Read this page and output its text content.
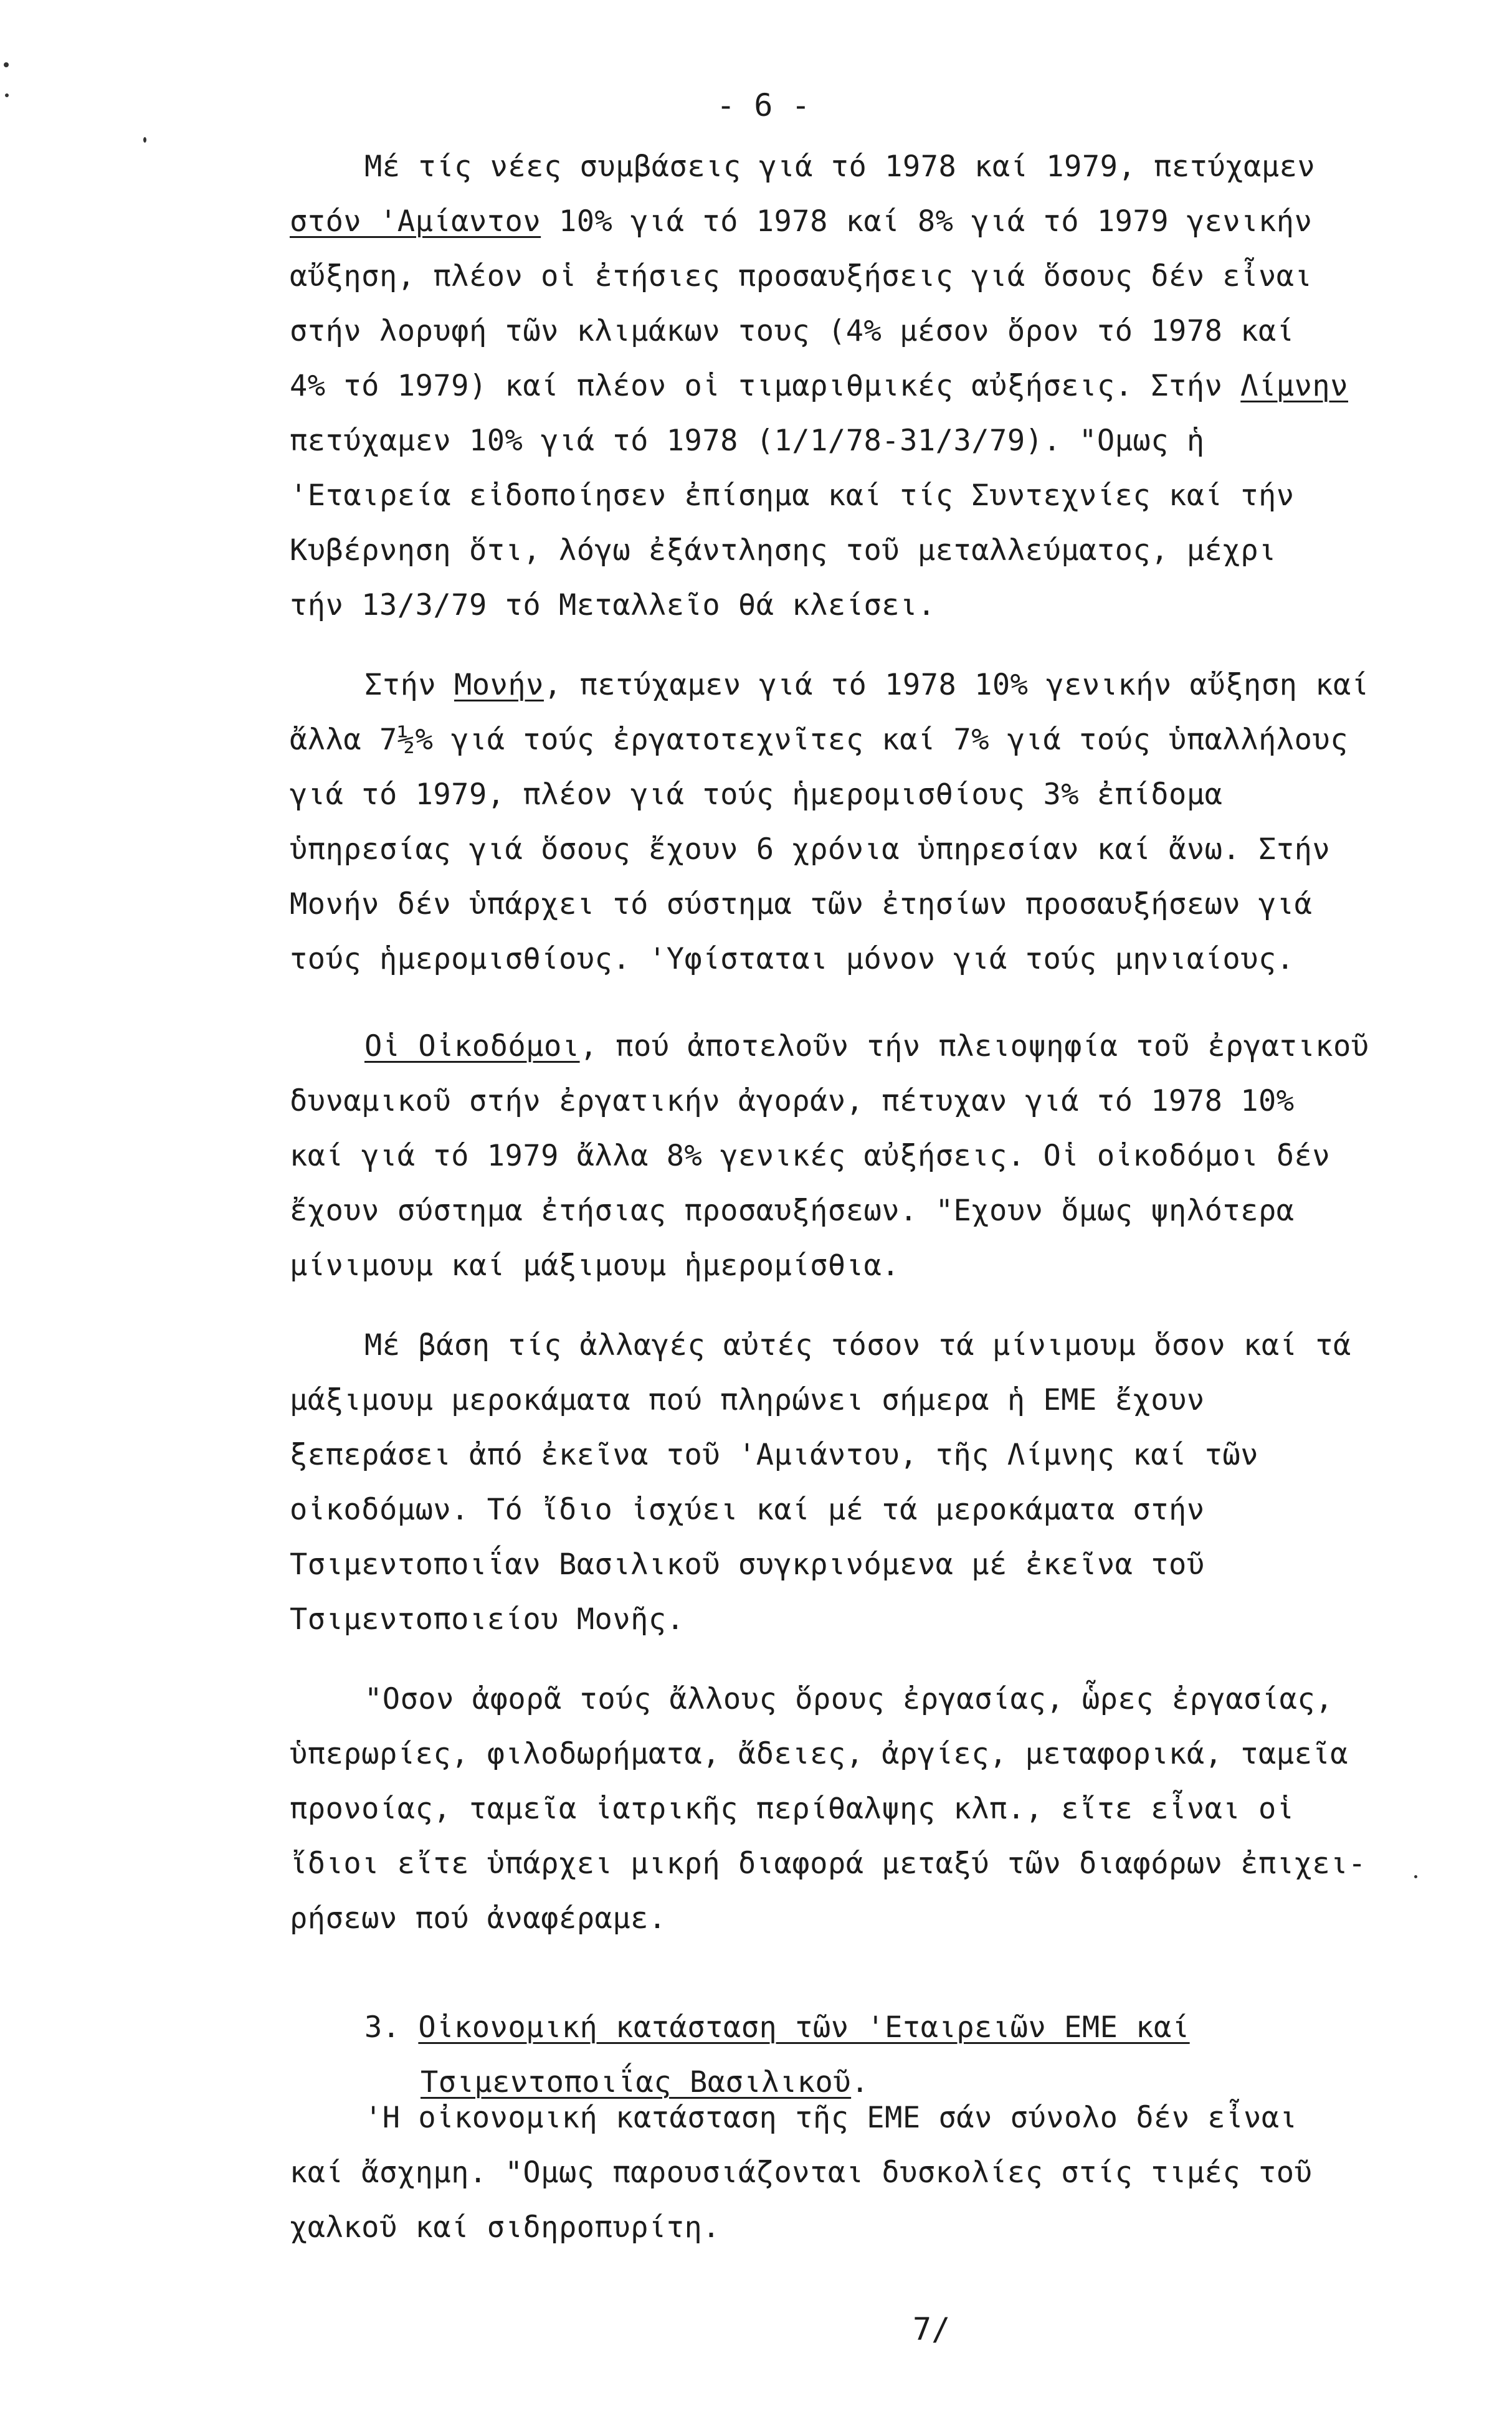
- 6 -
Μέ τίς νέες συμβάσεις γιά τό 1978 καί 1979, πετύχαμεν
στόν 'Αμίαντον 10% γιά τό 1978 καί 8% γιά τό 1979 γενικήν
αὔξηση, πλέον οἱ ἐτήσιες προσαυξήσεις γιά ὅσους δέν εἶναι
στήν λορυφή τῶν κλιμάκων τους (4% μέσον ὅρον τό 1978 καί
4% τό 1979) καί πλέον οἱ τιμαριθμικές αὐξήσεις. Στήν Λίμνην
πετύχαμεν 10% γιά τό 1978 (1/1/78-31/3/79). "Ομως ἡ
'Εταιρεία εἰδοποίησεν ἐπίσημα καί τίς Συντεχνίες καί τήν
Κυβέρνηση ὅτι, λόγω ἐξάντλησης τοῦ μεταλλεύματος, μέχρι
τήν 13/3/79 τό Μεταλλεῖο θά κλείσει.
Στήν Μονήν, πετύχαμεν γιά τό 1978 10% γενικήν αὔξηση καί
ἄλλα 7½% γιά τούς ἐργατοτεχνῖτες καί 7% γιά τούς ὑπαλλήλους
γιά τό 1979, πλέον γιά τούς ἡμερομισθίους 3% ἐπίδομα
ὑπηρεσίας γιά ὅσους ἔχουν 6 χρόνια ὑπηρεσίαν καί ἄνω. Στήν
Μονήν δέν ὑπάρχει τό σύστημα τῶν ἐτησίων προσαυξήσεων γιά
τούς ἡμερομισθίους. 'Υφίσταται μόνον γιά τούς μηνιαίους.
Οἱ Οἰκοδόμοι, πού ἀποτελοῦν τήν πλειοψηφία τοῦ ἐργατικοῦ
δυναμικοῦ στήν ἐργατικήν ἀγοράν, πέτυχαν γιά τό 1978 10%
καί γιά τό 1979 ἄλλα 8% γενικές αὐξήσεις. Οἱ οἰκοδόμοι δέν
ἔχουν σύστημα ἐτήσιας προσαυξήσεων. "Εχουν ὅμως ψηλότερα
μίνιμουμ καί μάξιμουμ ἡμερομίσθια.
Μέ βάση τίς ἀλλαγές αὐτές τόσον τά μίνιμουμ ὅσον καί τά
μάξιμουμ μεροκάματα πού πληρώνει σήμερα ἡ ΕΜΕ ἔχουν
ξεπεράσει ἀπό ἐκεῖνα τοῦ 'Αμιάντου, τῆς Λίμνης καί τῶν
οἰκοδόμων. Τό ἴδιο ἰσχύει καί μέ τά μεροκάματα στήν
Τσιμεντοποιΐαν Βασιλικοῦ συγκρινόμενα μέ ἐκεῖνα τοῦ
Τσιμεντοποιείου Μονῆς.
"Οσον ἀφορᾶ τούς ἄλλους ὅρους ἐργασίας, ὧρες ἐργασίας,
ὑπερωρίες, φιλοδωρήματα, ἄδειες, ἀργίες, μεταφορικά, ταμεῖα
προνοίας, ταμεῖα ἰατρικῆς περίθαλψης κλπ., εἴτε εἶναι οἱ
ἴδιοι εἴτε ὑπάρχει μικρή διαφορά μεταξύ τῶν διαφόρων ἐπιχει-
ρήσεων πού ἀναφέραμε.
3. Οἰκονομική κατάσταση τῶν 'Εταιρειῶν ΕΜΕ καί
Τσιμεντοποιΐας Βασιλικοῦ.
'Η οἰκονομική κατάσταση τῆς ΕΜΕ σάν σύνολο δέν εἶναι
καί ἄσχημη. "Ομως παρουσιάζονται δυσκολίες στίς τιμές τοῦ
χαλκοῦ καί σιδηροπυρίτη.
7/
